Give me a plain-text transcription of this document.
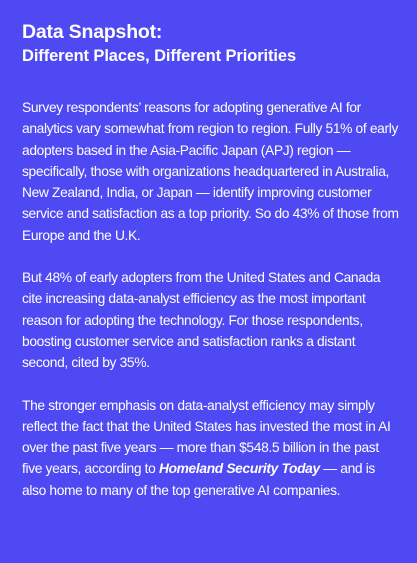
Data Snapshot:
Different Places, Different Priorities

Survey respondents’ reasons for adopting generative AI for analytics vary somewhat from region to region. Fully 51% of early adopters based in the Asia-Pacific Japan (APJ) region — specifically, those with organizations headquartered in Australia, New Zealand, India, or Japan — identify improving customer service and satisfaction as a top priority. So do 43% of those from Europe and the U.K.

But 48% of early adopters from the United States and Canada cite increasing data-analyst efficiency as the most important reason for adopting the technology. For those respondents, boosting customer service and satisfaction ranks a distant second, cited by 35%.

The stronger emphasis on data-analyst efficiency may simply reflect the fact that the United States has invested the most in AI over the past five years — more than $548.5 billion in the past five years, according to Homeland Security Today — and is also home to many of the top generative AI companies.
